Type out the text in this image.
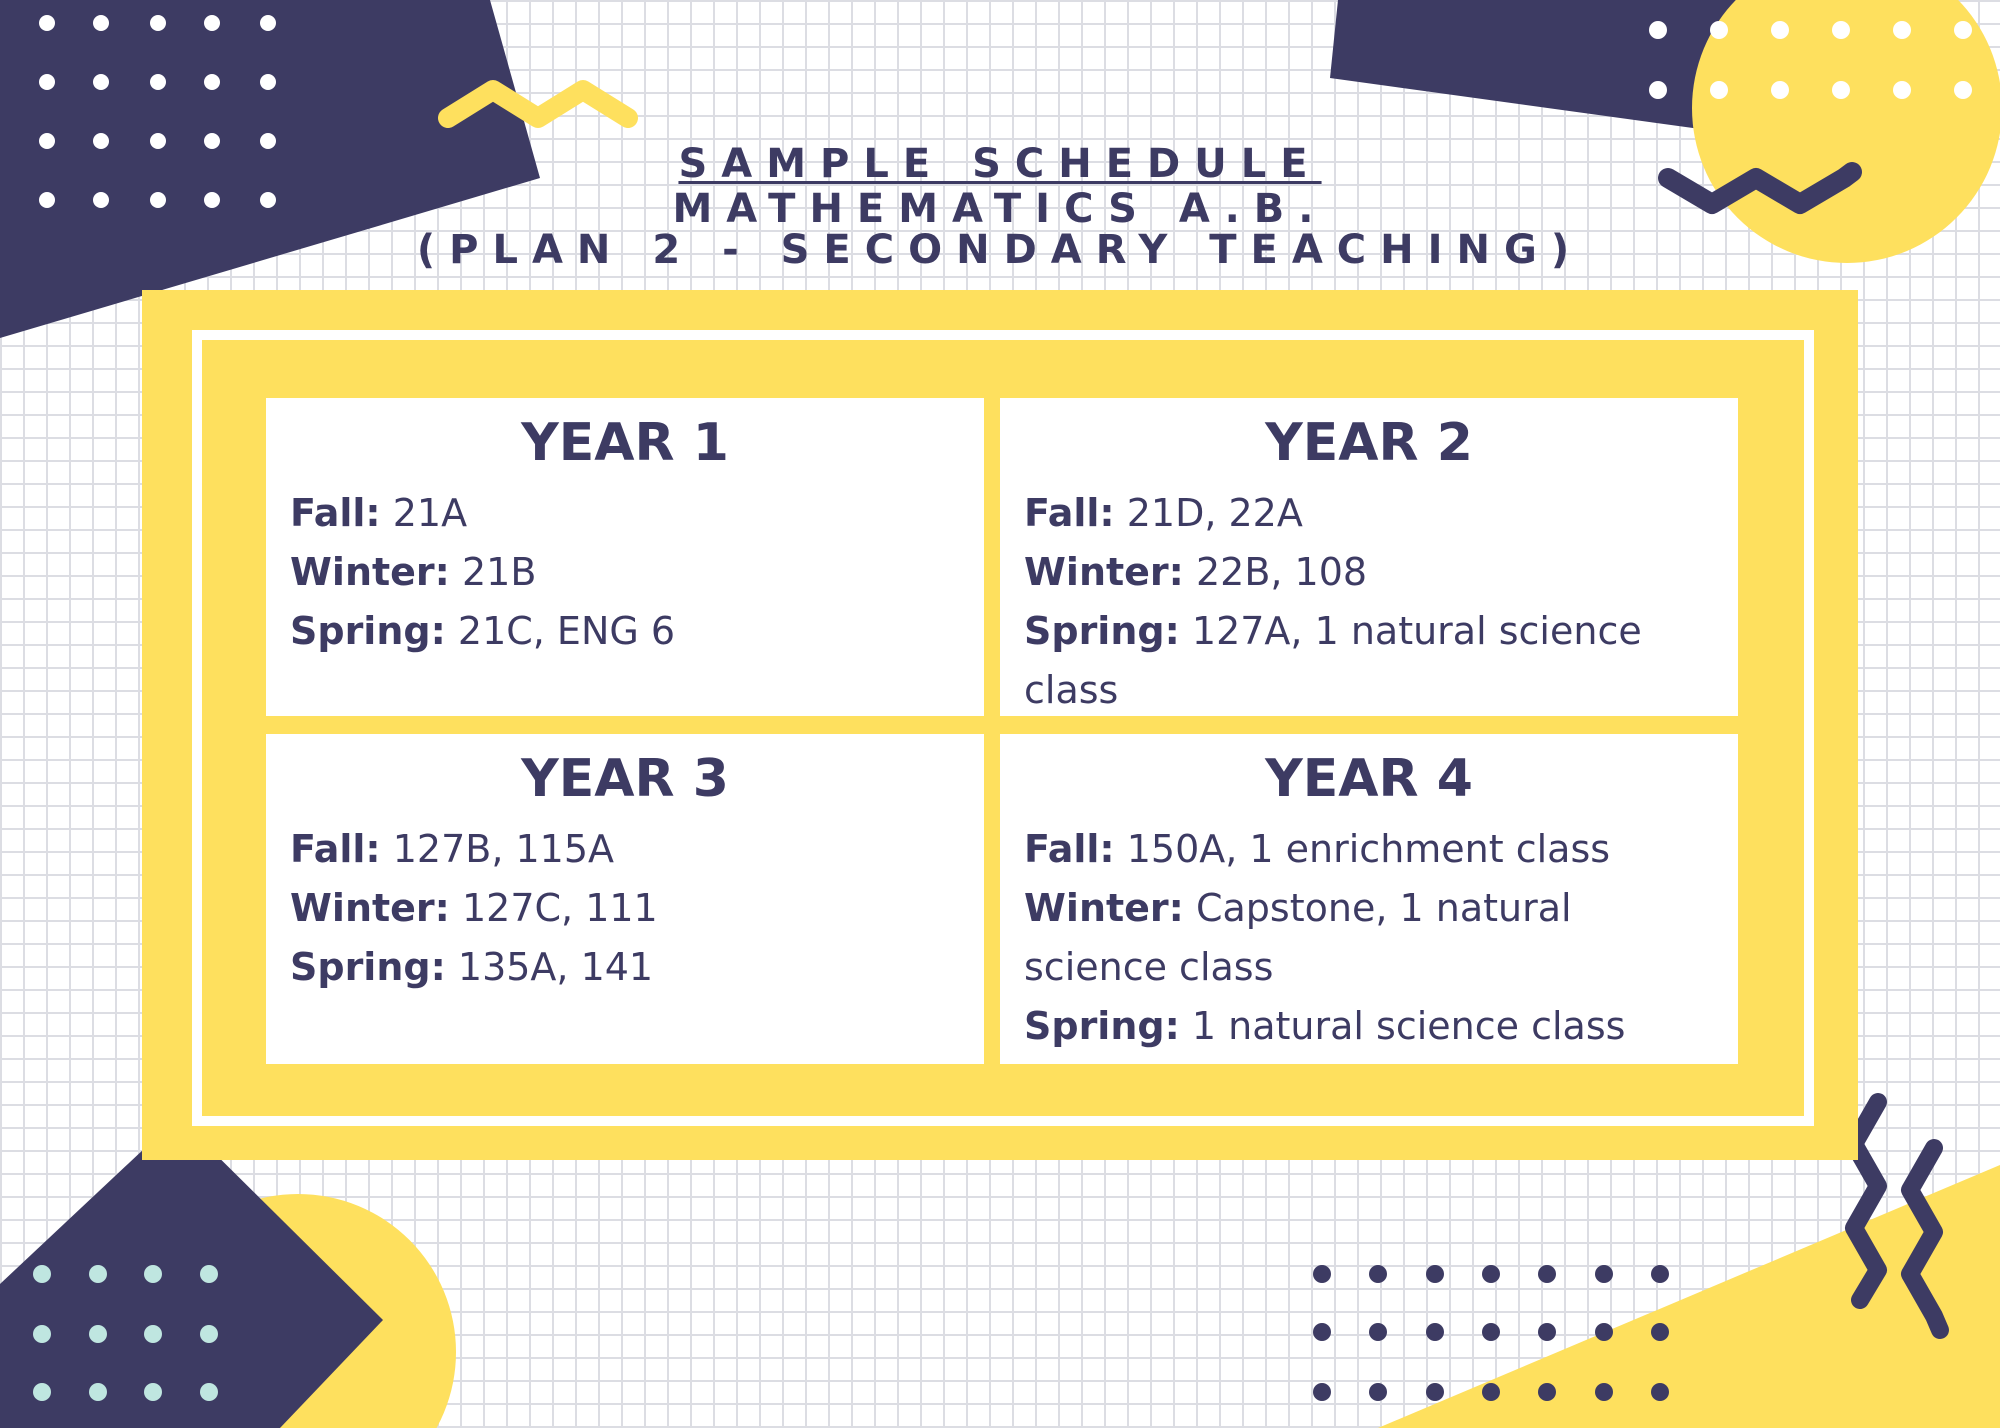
SAMPLE SCHEDULE
MATHEMATICS A.B.
(PLAN 2 - SECONDARY TEACHING)
YEAR 1

Fall: 21A

Winter: 21B

Spring: 21C, ENG 6

YEAR 2

Fall: 21D, 22A

Winter: 22B, 108

Spring: 127A, 1 natural science class

YEAR 3

Fall: 127B, 115A

Winter: 127C, 111

Spring: 135A, 141

YEAR 4

Fall: 150A, 1 enrichment class

Winter: Capstone, 1 natural science class

Spring: 1 natural science class
